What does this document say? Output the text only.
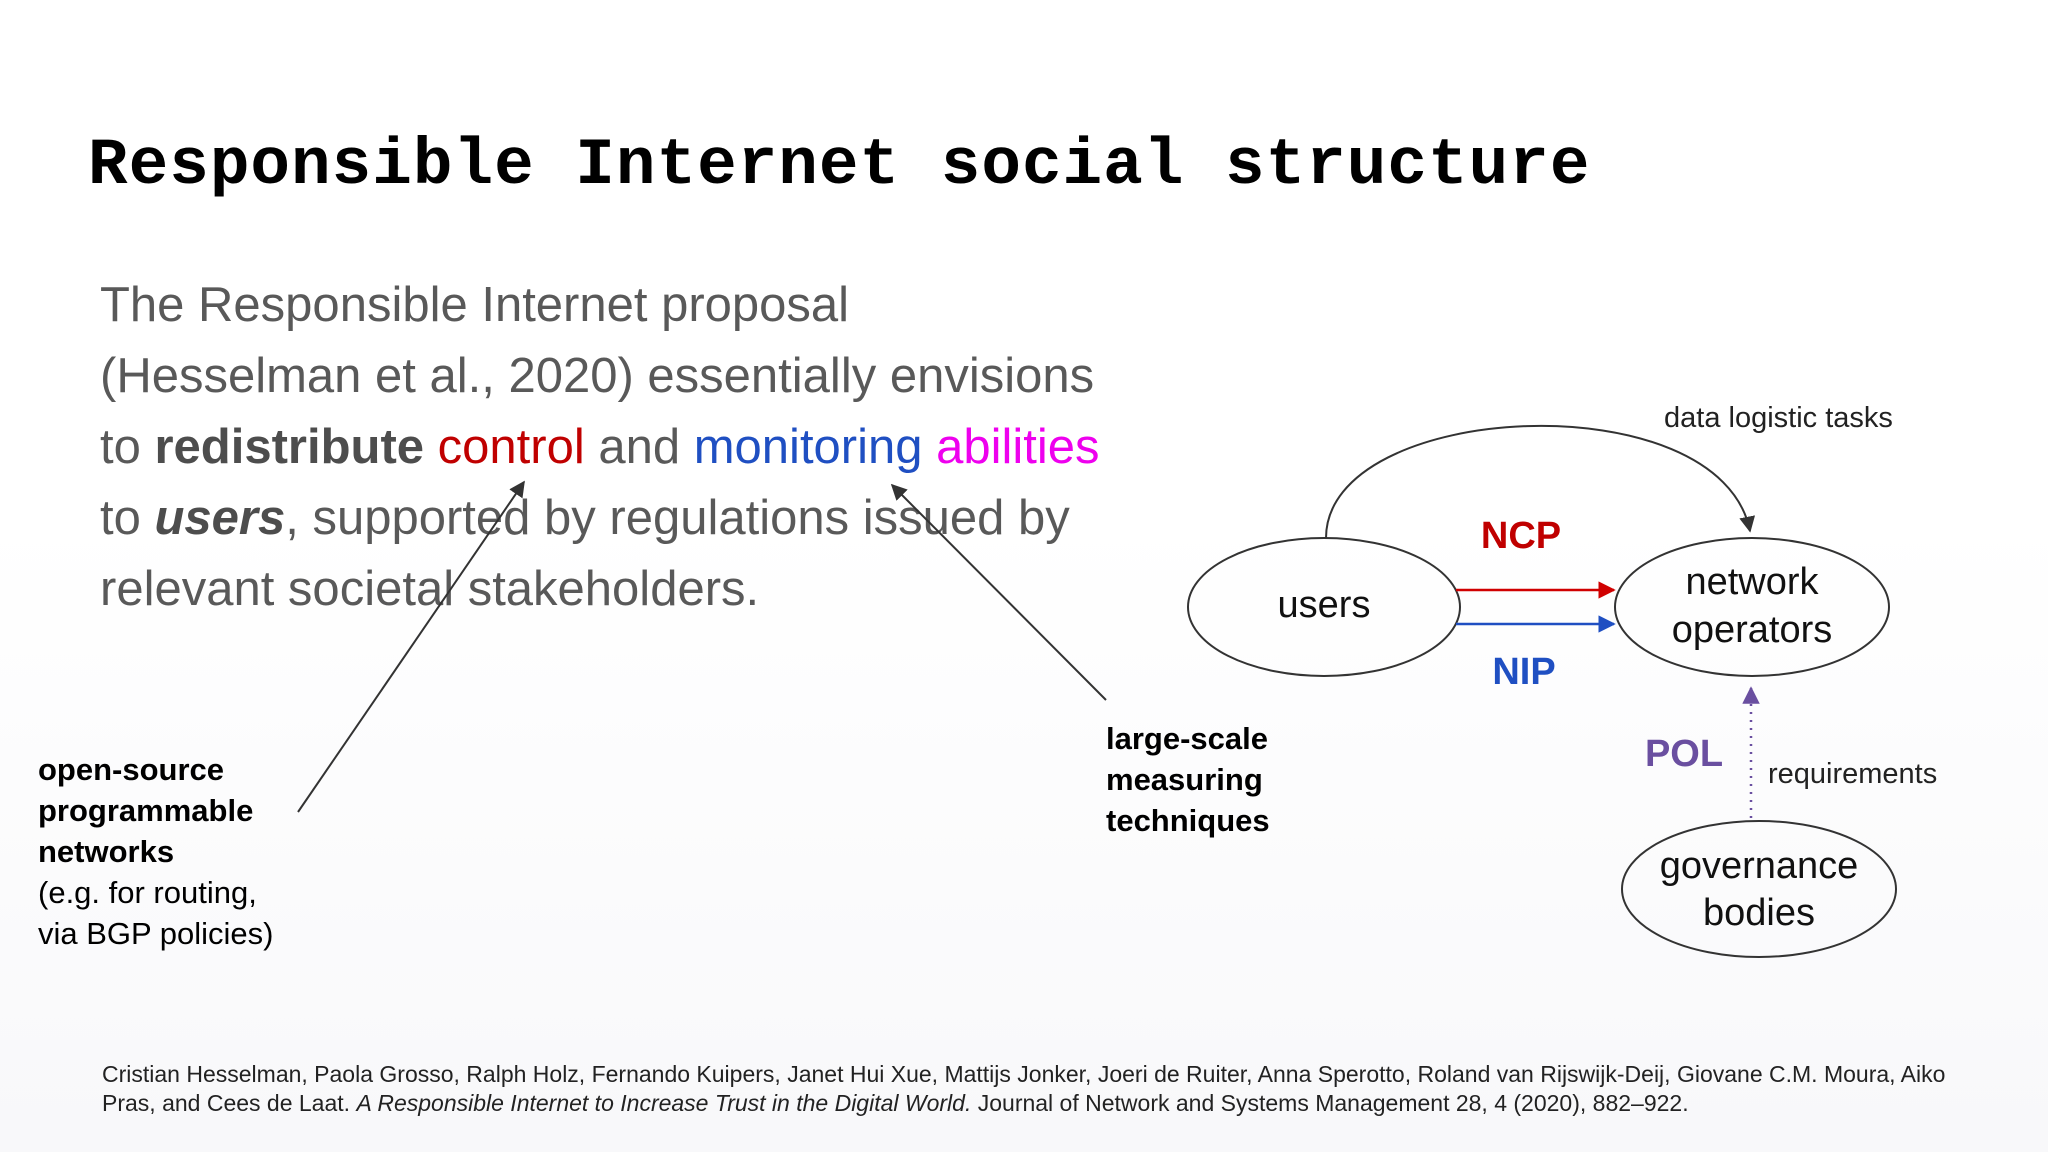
Responsible Internet social structure
The Responsible Internet proposal
(Hesselman et al., 2020) essentially envisions
to redistribute control and monitoring abilities
to users, supported by regulations issued by
relevant societal stakeholders.
open-source
programmable
networks
(e.g. for routing,
via BGP policies)
large-scale
measuring
techniques
users
network
operators
governance
bodies
data logistic tasks
NCP
NIP
POL requirements
Cristian Hesselman, Paola Grosso, Ralph Holz, Fernando Kuipers, Janet Hui Xue, Mattijs Jonker, Joeri de Ruiter, Anna Sperotto, Roland van Rijswijk-Deij, Giovane C.M. Moura, Aiko Pras, and Cees de Laat. A Responsible Internet to Increase Trust in the Digital World. Journal of Network and Systems Management 28, 4 (2020), 882–922.
